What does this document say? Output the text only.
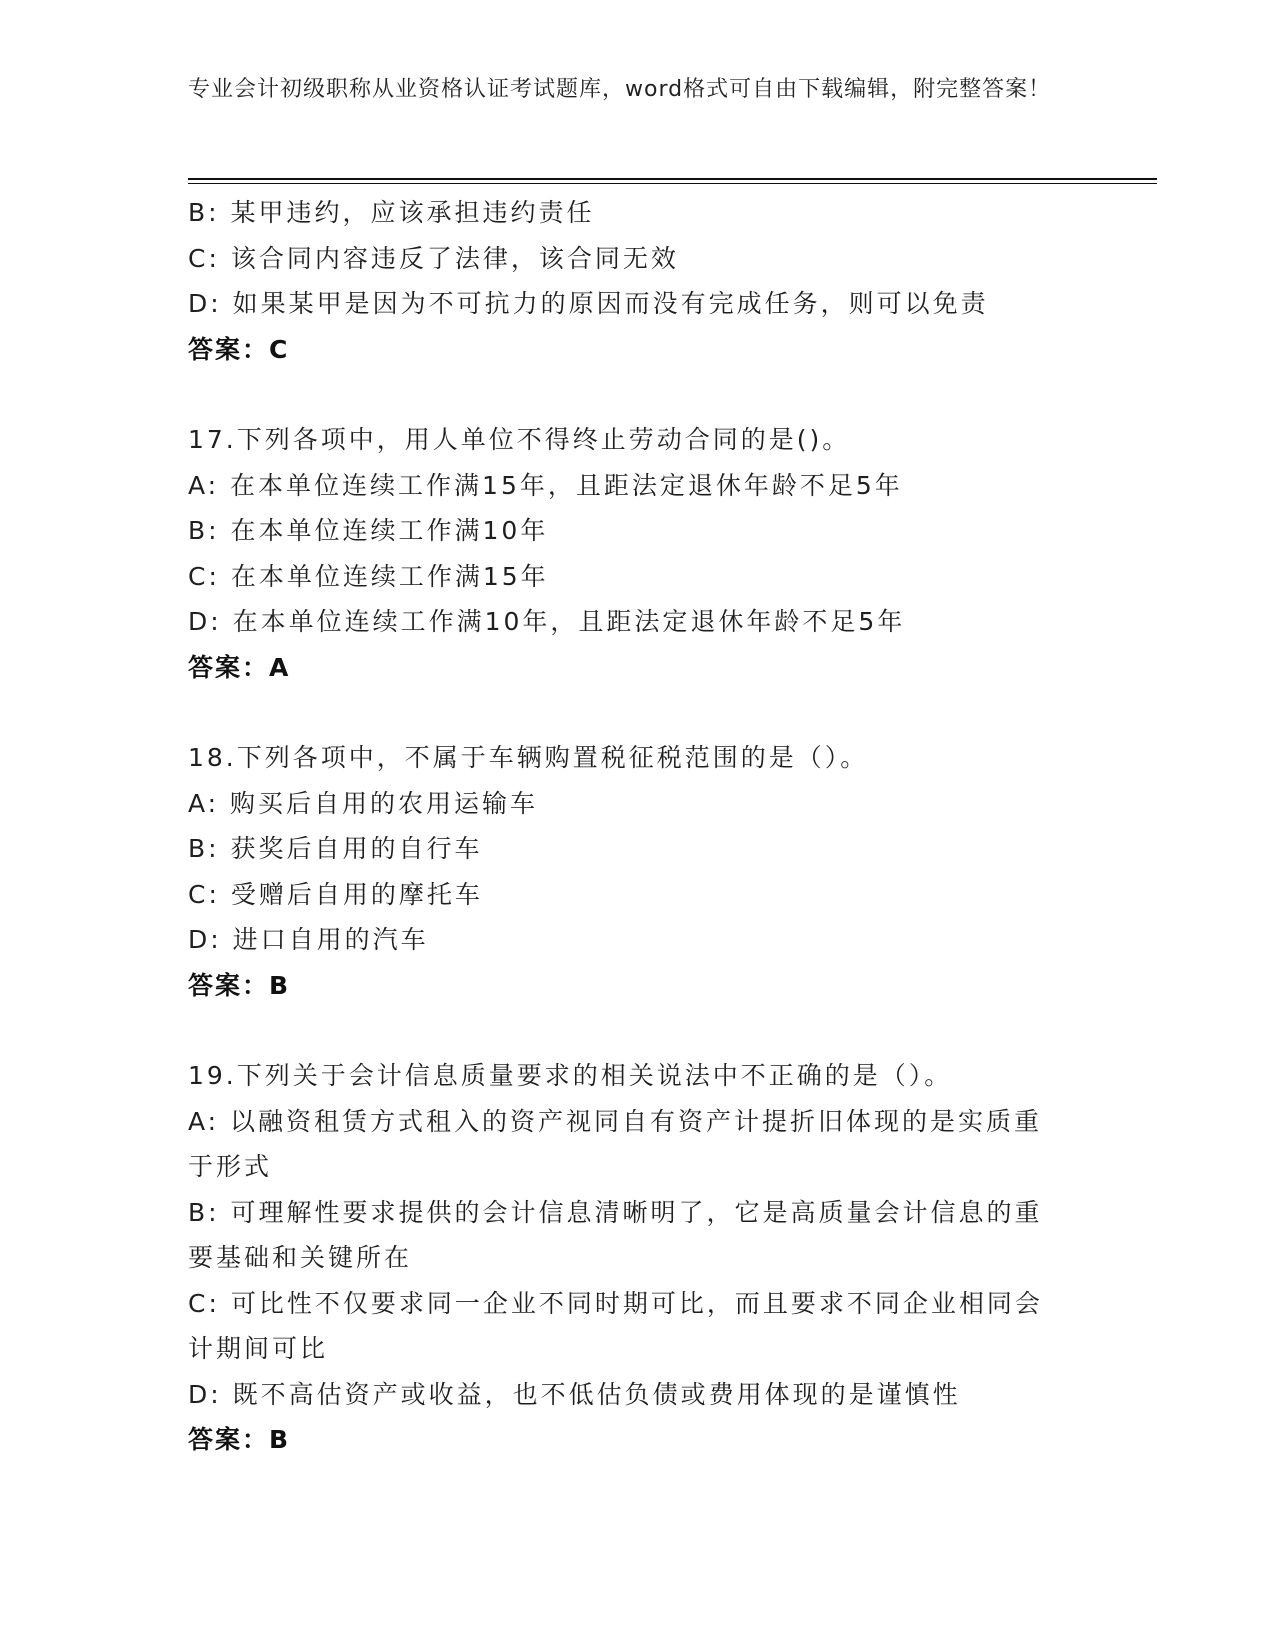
专业会计初级职称从业资格认证考试题库，word格式可自由下载编辑，附完整答案！
B: 某甲违约，应该承担违约责任
C: 该合同内容违反了法律，该合同无效
D: 如果某甲是因为不可抗力的原因而没有完成任务，则可以免责
答案：C
17.下列各项中，用人单位不得终止劳动合同的是()。
A: 在本单位连续工作满15年，且距法定退休年龄不足5年
B: 在本单位连续工作满10年
C: 在本单位连续工作满15年
D: 在本单位连续工作满10年，且距法定退休年龄不足5年
答案：A
18.下列各项中，不属于车辆购置税征税范围的是（）。
A: 购买后自用的农用运输车
B: 获奖后自用的自行车
C: 受赠后自用的摩托车
D: 进口自用的汽车
答案：B
19.下列关于会计信息质量要求的相关说法中不正确的是（）。
A: 以融资租赁方式租入的资产视同自有资产计提折旧体现的是实质重于形式
B: 可理解性要求提供的会计信息清晰明了，它是高质量会计信息的重要基础和关键所在
C: 可比性不仅要求同一企业不同时期可比，而且要求不同企业相同会计期间可比
D: 既不高估资产或收益，也不低估负债或费用体现的是谨慎性
答案：B
